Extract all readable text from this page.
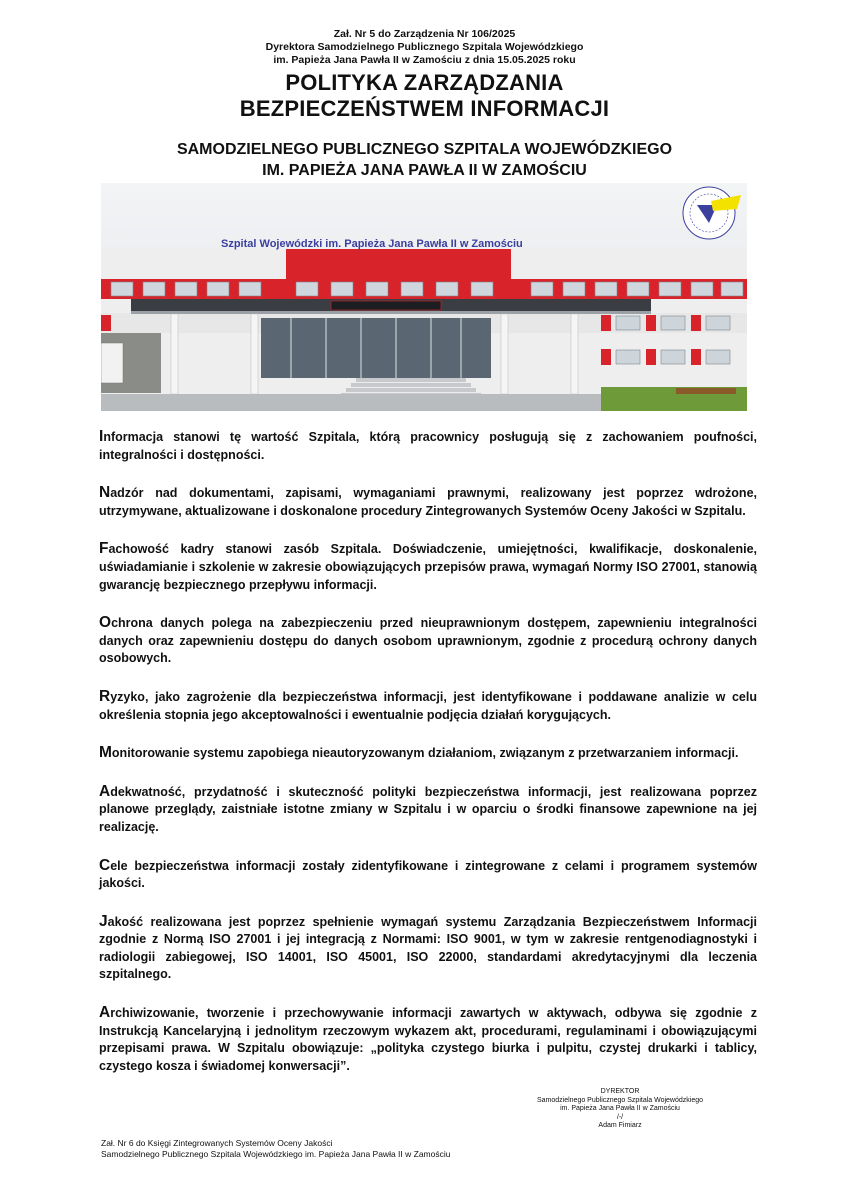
Zał. Nr 5 do Zarządzenia Nr 106/2025
Dyrektora Samodzielnego Publicznego Szpitala Wojewódzkiego
im. Papieża Jana Pawła II w Zamościu z dnia 15.05.2025 roku
POLITYKA ZARZĄDZANIA
BEZPIECZEŃSTWEM INFORMACJI
SAMODZIELNEGO PUBLICZNEGO SZPITALA WOJEWÓDZKIEGO
IM. PAPIEŻA JANA PAWŁA II W ZAMOŚCIU
Szpital Wojewódzki im. Papieża Jana Pawła II w Zamościu

Informacja stanowi tę wartość Szpitala, którą pracownicy posługują się z zachowaniem poufności, integralności i dostępności.

Nadzór nad dokumentami, zapisami, wymaganiami prawnymi, realizowany jest poprzez wdrożone, utrzymywane, aktualizowane i doskonalone procedury Zintegrowanych Systemów Oceny Jakości w Szpitalu.

Fachowość kadry stanowi zasób Szpitala. Doświadczenie, umiejętności, kwalifikacje, doskonalenie, uświadamianie i szkolenie w zakresie obowiązujących przepisów prawa, wymagań Normy ISO 27001, stanowią gwarancję bezpiecznego przepływu informacji.

Ochrona danych polega na zabezpieczeniu przed nieuprawnionym dostępem, zapewnieniu integralności danych oraz zapewnieniu dostępu do danych osobom uprawnionym, zgodnie z procedurą ochrony danych osobowych.

Ryzyko, jako zagrożenie dla bezpieczeństwa informacji, jest identyfikowane i poddawane analizie w celu określenia stopnia jego akceptowalności i ewentualnie podjęcia działań korygujących.

Monitorowanie systemu zapobiega nieautoryzowanym działaniom, związanym z przetwarzaniem informacji.

Adekwatność, przydatność i skuteczność polityki bezpieczeństwa informacji, jest realizowana poprzez planowe przeglądy, zaistniałe istotne zmiany w Szpitalu i w oparciu o środki finansowe zapewnione na jej realizację.

Cele bezpieczeństwa informacji zostały zidentyfikowane i zintegrowane z celami i programem systemów jakości.

Jakość realizowana jest poprzez spełnienie wymagań systemu Zarządzania Bezpieczeństwem Informacji zgodnie z Normą ISO 27001 i jej integracją z Normami: ISO 9001, w tym w zakresie rentgenodiagnostyki i radiologii zabiegowej, ISO 14001, ISO 45001, ISO 22000, standardami akredytacyjnymi dla leczenia szpitalnego.

Archiwizowanie, tworzenie i przechowywanie informacji zawartych w aktywach, odbywa się zgodnie z Instrukcją Kancelaryjną i jednolitym rzeczowym wykazem akt, procedurami, regulaminami i obowiązującymi przepisami prawa. W Szpitalu obowiązuje: „polityka czystego biurka i pulpitu, czystej drukarki i tablicy, czystego kosza i świadomej konwersacji”.

DYREKTOR
Samodzielnego Publicznego Szpitala Wojewódzkiego
im. Papieża Jana Pawła II w Zamościu
/-/
Adam Fimiarz
Zał. Nr 6 do Księgi Zintegrowanych Systemów Oceny Jakości
Samodzielnego Publicznego Szpitala Wojewódzkiego im. Papieża Jana Pawła II w Zamościu
